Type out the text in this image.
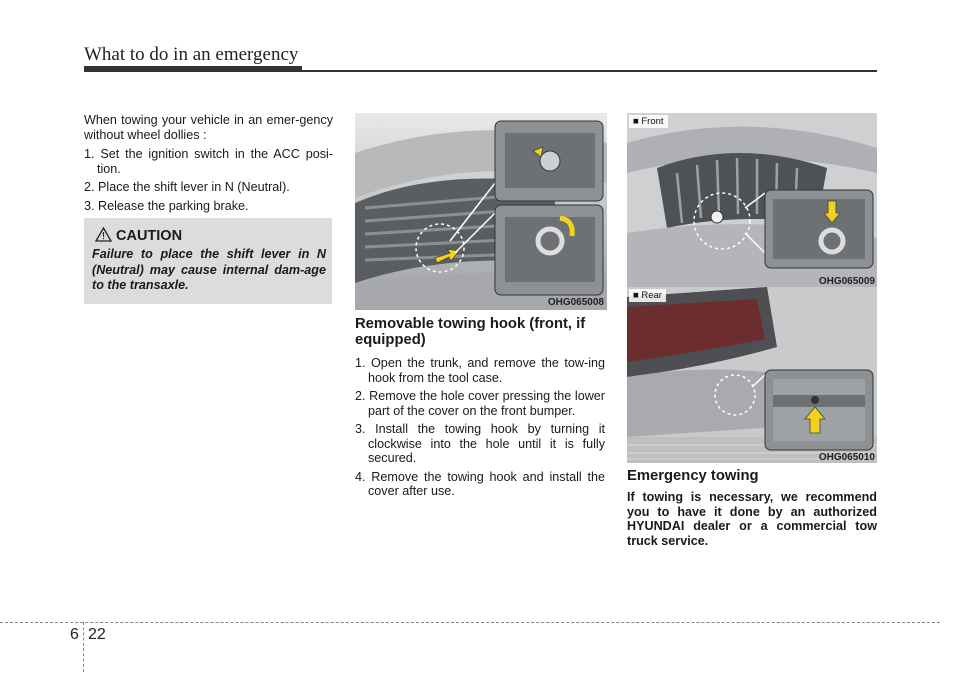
What to do in an emergency

When towing your vehicle in an emer-gency without wheel dollies :

1. Set the ignition switch in the ACC posi-tion.
2. Place the shift lever in N (Neutral).
3. Release the parking brake.
CAUTION
Failure to place the shift lever in N (Neutral) may cause internal dam-age to the transaxle.
OHG065008
Removable towing hook (front, if equipped)
1. Open the trunk, and remove the tow-ing hook from the tool case.
2. Remove the hole cover pressing the lower part of the cover on the front bumper.
3. Install the towing hook by turning it clockwise into the hole until it is fully secured.
4. Remove the towing hook and install the cover after use.
■ Front
OHG065009
■ Rear
OHG065010
Emergency towing

If towing is necessary, we recommend you to have it done by an authorized HYUNDAI dealer or a commercial tow truck service.

6 22
